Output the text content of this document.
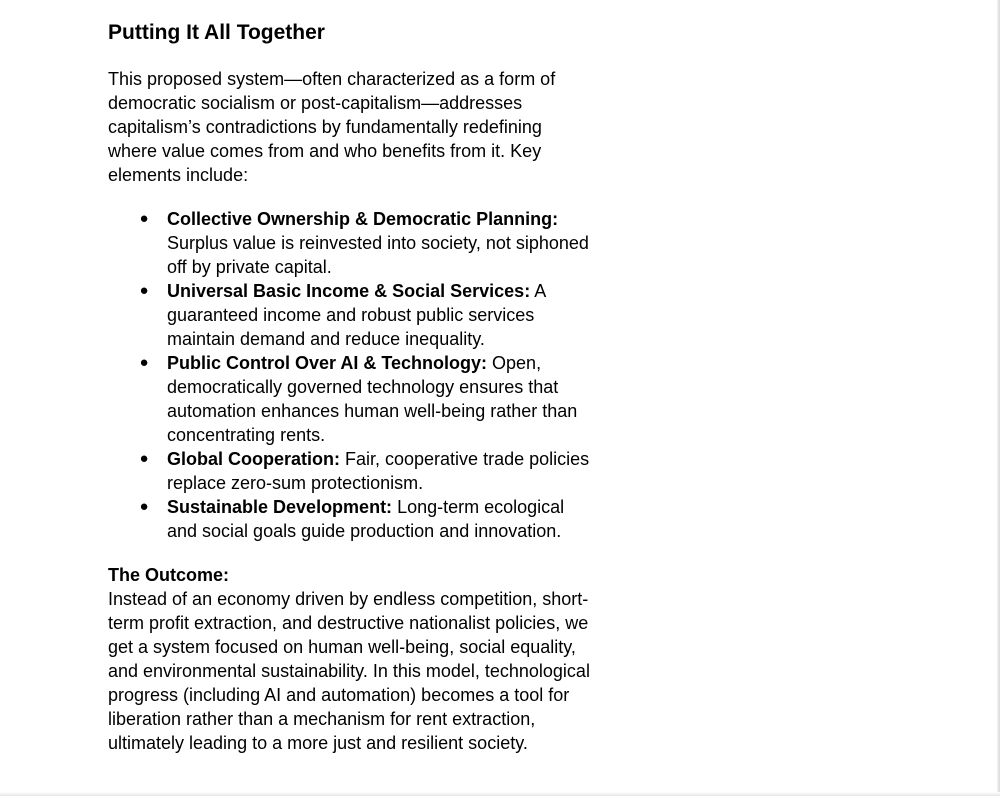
Putting It All Together

This proposed system—often characterized as a form of democratic socialism or post-capitalism—addresses capitalism’s contradictions by fundamentally redefining where value comes from and who benefits from it. Key elements include:

● Collective Ownership & Democratic Planning: Surplus value is reinvested into society, not siphoned off by private capital.
● Universal Basic Income & Social Services: A guaranteed income and robust public services maintain demand and reduce inequality.
● Public Control Over AI & Technology: Open, democratically governed technology ensures that automation enhances human well-being rather than concentrating rents.
● Global Cooperation: Fair, cooperative trade policies replace zero-sum protectionism.
● Sustainable Development: Long-term ecological and social goals guide production and innovation.

The Outcome:

Instead of an economy driven by endless competition, short-term profit extraction, and destructive nationalist policies, we get a system focused on human well-being, social equality, and environmental sustainability. In this model, technological progress (including AI and automation) becomes a tool for liberation rather than a mechanism for rent extraction, ultimately leading to a more just and resilient society.
